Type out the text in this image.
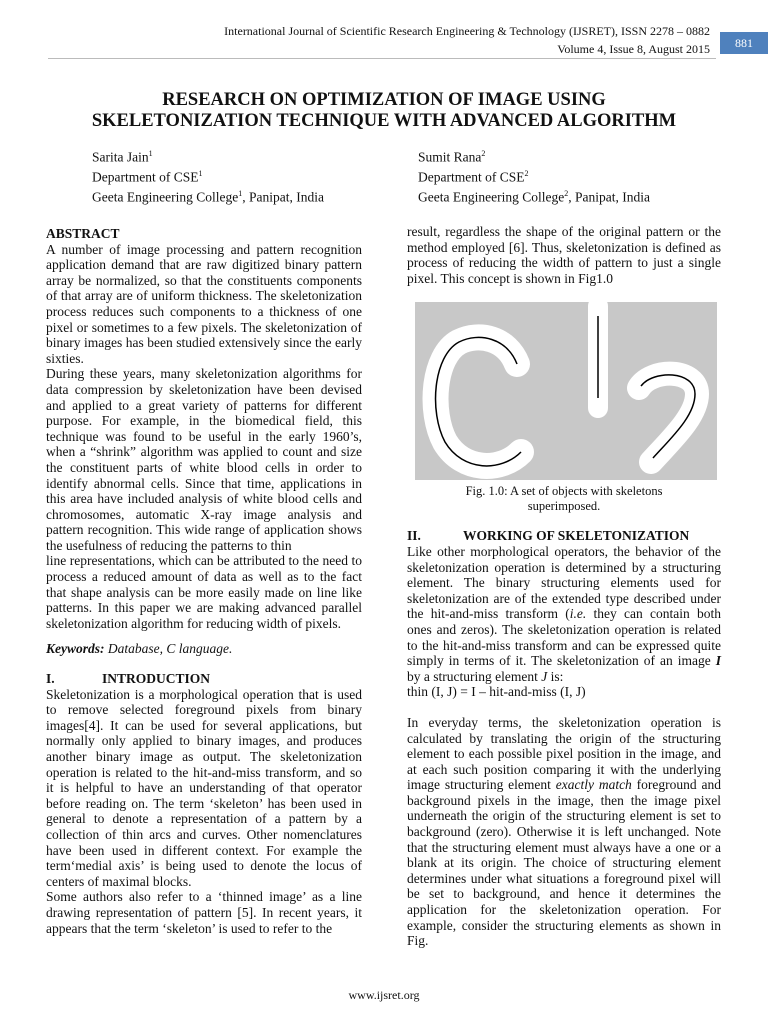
International Journal of Scientific Research Engineering & Technology (IJSRET), ISSN 2278 – 0882
Volume 4, Issue 8, August 2015	881
RESEARCH ON OPTIMIZATION OF IMAGE USING
SKELETONIZATION TECHNIQUE WITH ADVANCED ALGORITHM
Sarita Jain$^1$
Department of CSE$^1$
Geeta Engineering College$^1$, Panipat, India
Sumit Rana$^2$
Department of CSE$^2$
Geeta Engineering College$^2$, Panipat, India
ABSTRACT

A number of image processing and pattern recognition application demand that are raw digitized binary pattern array be normalized, so that the constituents components of that array are of uniform thickness. The skeletonization process reduces such components to a thickness of one pixel or sometimes to a few pixels. The skeletonization of binary images has been studied extensively since the early sixties.

During these years, many skeletonization algorithms for data compression by skeletonization have been devised and applied to a great variety of patterns for different purpose. For example, in the biomedical field, this technique was found to be useful in the early 1960’s, when a “shrink” algorithm was applied to count and size the constituent parts of white blood cells in order to identify abnormal cells. Since that time, applications in this area have included analysis of white blood cells and chromosomes, automatic X-ray image analysis and pattern recognition. This wide range of application shows the usefulness of reducing the patterns to thin

line representations, which can be attributed to the need to process a reduced amount of data as well as to the fact that shape analysis can be more easily made on line like patterns. In this paper we are making advanced parallel skeletonization algorithm for reducing width of pixels.

Keywords: Database, C language.

I.	INTRODUCTION

Skeletonization is a morphological operation that is used to remove selected foreground pixels from binary images[4]. It can be used for several applications, but normally only applied to binary images, and produces another binary image as output. The skeletonization operation is related to the hit-and-miss transform, and so it is helpful to have an understanding of that operator before reading on. The term ‘skeleton’ has been used in general to denote a representation of a pattern by a collection of thin arcs and curves. Other nomenclatures have been used in different context. For example the term‘medial axis’ is being used to denote the locus of centers of maximal blocks.

Some authors also refer to a ‘thinned image’ as a line drawing representation of pattern [5]. In recent years, it appears that the term ‘skeleton’ is used to refer to the

result, regardless the shape of the original pattern or the method employed [6]. Thus, skeletonization is defined as process of reducing the width of pattern to just a single pixel. This concept is shown in Fig1.0

Fig. 1.0: A set of objects with skeletons
superimposed.

II.	WORKING OF SKELETONIZATION

Like other morphological operators, the behavior of the skeletonization operation is determined by a structuring element. The binary structuring elements used for skeletonization are of the extended type described under the hit-and-miss transform (i.e. they can contain both ones and zeros). The skeletonization operation is related to the hit-and-miss transform and can be expressed quite simply in terms of it. The skeletonization of an image I by a structuring element J is:

thin (I, J) = I – hit-and-miss (I, J)

In everyday terms, the skeletonization operation is calculated by translating the origin of the structuring element to each possible pixel position in the image, and at each such position comparing it with the underlying image structuring element exactly match foreground and background pixels in the image, then the image pixel underneath the origin of the structuring element is set to background (zero). Otherwise it is left unchanged. Note that the structuring element must always have a one or a blank at its origin. The choice of structuring element determines under what situations a foreground pixel will be set to background, and hence it determines the application for the skeletonization operation. For example, consider the structuring elements as shown in Fig.

www.ijsret.org
